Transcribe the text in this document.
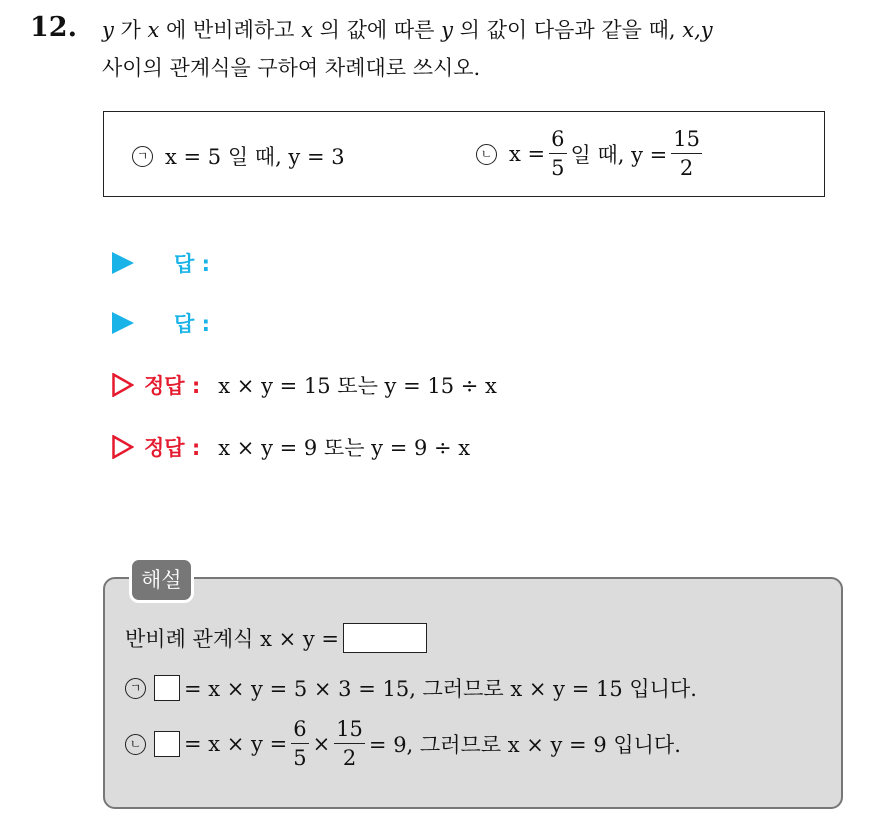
12. y 가 x 에 반비례하고 x 의 값에 따른 y 의 값이 다음과 같을 때, x,y
사이의 관계식을 구하여 차례대로 쓰시오.
ㄱ x = 5 일 때, y = 3	ㄴ $x = \frac{6}{5}$ 일 때, $y = \frac{15}{2}$
답 :
답 :
정답 : x × y = 15 또는 y = 15 ÷ x
정답 : x × y = 9 또는 y = 9 ÷ x
반비례 관계식 x × y =
ㄱ = x × y = 5 × 3 = 15, 그러므로 x × y = 15 입니다.
ㄴ = $x \times y = \frac{6}{5} \times \frac{15}{2} = 9$, 그러므로 x × y = 9 입니다.
해설
